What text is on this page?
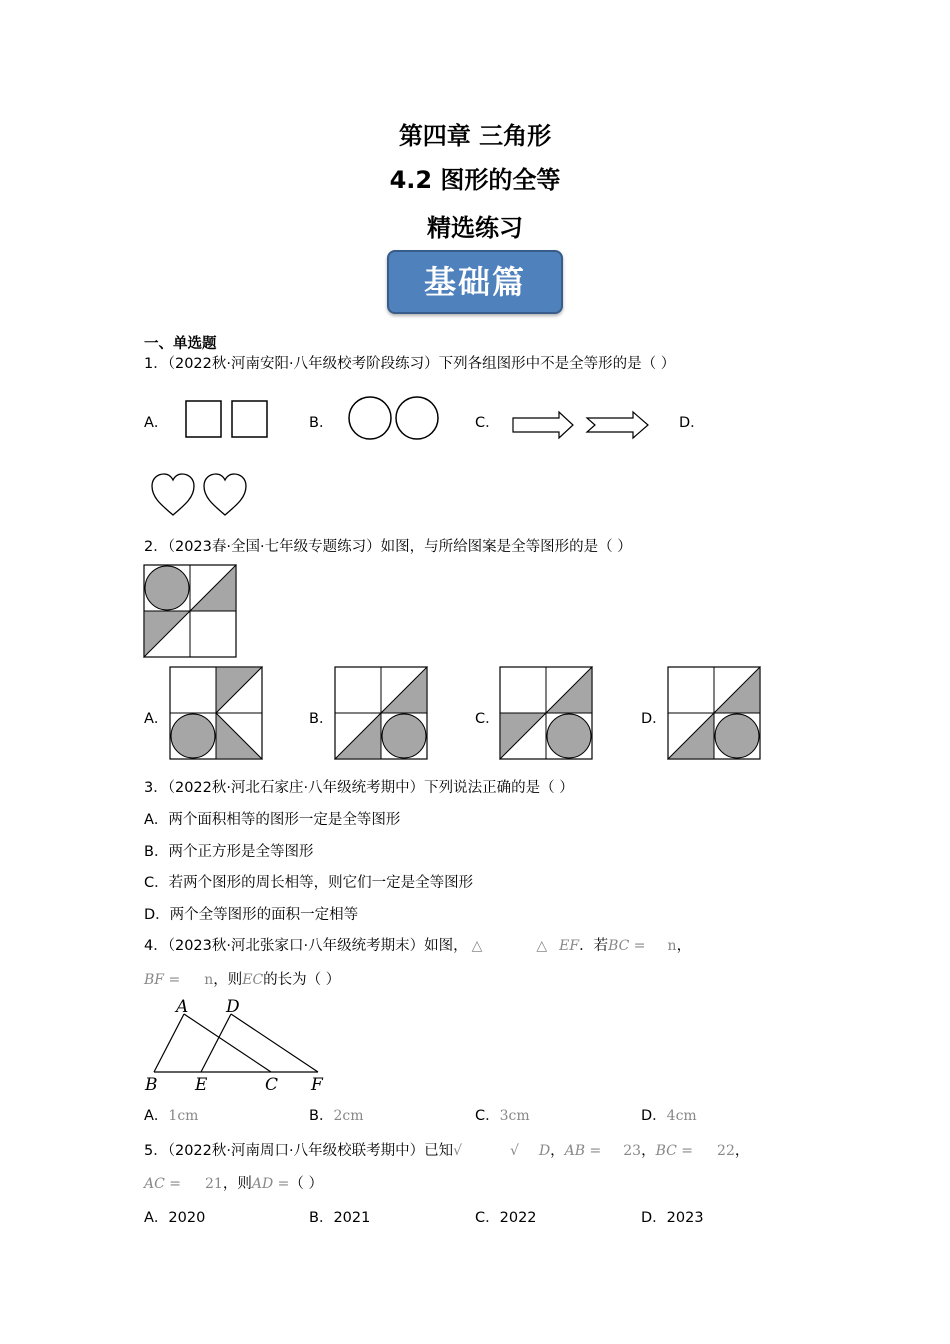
第四章 三角形
4.2 图形的全等
精选练习
基础篇
一、单选题
1．（2022秋·河南安阳·八年级校考阶段练习）下列各组图形中不是全等形的是（ ）
A．	B．	C．	D．
2．（2023春·全国·七年级专题练习）如图，与所给图案是全等图形的是（ ）
A．	B．	C．	D．
3．（2022秋·河北石家庄·八年级统考期中）下列说法正确的是（ ）
A．两个面积相等的图形一定是全等图形
B．两个正方形是全等图形
C．若两个图形的周长相等，则它们一定是全等图形
D．两个全等图形的面积一定相等
4．（2023秋·河北张家口·八年级统考期末）如图， △	△ EF．若BC = n，
BF = n，则EC的长为（ ）
A D
B E	C F
A．1cm	B．2cm	C．3cm	D．4cm
5．（2022秋·河南周口·八年级校联考期中）已知√	√ D，AB = 23，BC = 22，
AC = 21，则AD =（ ）
A．2020	B．2021	C．2022	D．2023
